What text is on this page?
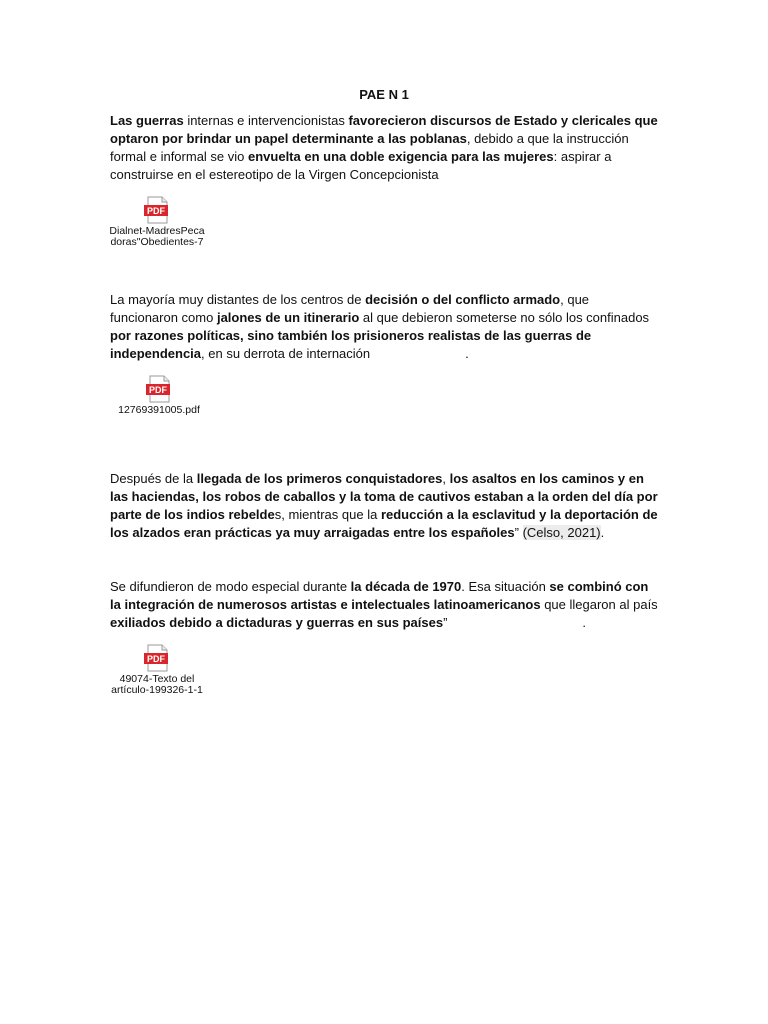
PAE N 1
Las guerras internas e intervencionistas favorecieron discursos de Estado y clericales que optaron por brindar un papel determinante a las poblanas, debido a que la instrucción formal e informal se vio envuelta en una doble exigencia para las mujeres: aspirar a construirse en el estereotipo de la Virgen Concepcionista
PDF
Dialnet-MadresPeca
doras"Obedientes-7
La mayoría muy distantes de los centros de decisión o del conflicto armado, que funcionaron como jalones de un itinerario al que debieron someterse no sólo los confinados por razones políticas, sino también los prisioneros realistas de las guerras de independencia, en su derrota de internación	.
PDF
12769391005.pdf
Después de la llegada de los primeros conquistadores, los asaltos en los caminos y en las haciendas, los robos de caballos y la toma de cautivos estaban a la orden del día por parte de los indios rebeldes, mientras que la reducción a la esclavitud y la deportación de los alzados eran prácticas ya muy arraigadas entre los españoles” (Celso, 2021).
Se difundieron de modo especial durante la década de 1970. Esa situación se combinó con la integración de numerosos artistas e intelectuales latinoamericanos que llegaron al país exiliados debido a dictaduras y guerras en sus países”	.
PDF
49074-Texto del
artículo-199326-1-1
